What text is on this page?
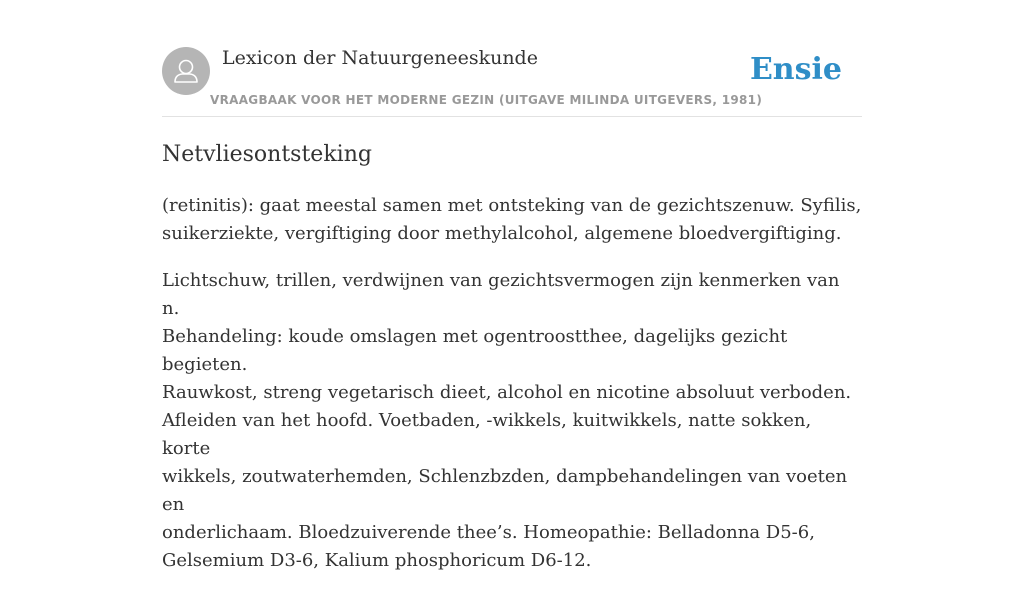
Lexicon der Natuurgeneeskunde
VRAAGBAAK VOOR HET MODERNE GEZIN (UITGAVE MILINDA UITGEVERS, 1981)
Ensie
Netvliesontsteking

(retinitis): gaat meestal samen met ontsteking van de gezichtszenuw. Syfilis,
suikerziekte, vergiftiging door methylalcohol, algemene bloedvergiftiging.

Lichtschuw, trillen, verdwijnen van gezichtsvermogen zijn kenmerken van n.
Behandeling: koude omslagen met ogentroostthee, dagelijks gezicht begieten.
Rauwkost, streng vegetarisch dieet, alcohol en nicotine absoluut verboden.
Afleiden van het hoofd. Voetbaden, -wikkels, kuitwikkels, natte sokken, korte
wikkels, zoutwaterhemden, Schlenzbzden, dampbehandelingen van voeten en
onderlichaam. Bloedzuiverende thee’s. Homeopathie: Belladonna D5-6,
Gelsemium D3-6, Kalium phosphoricum D6-12.
